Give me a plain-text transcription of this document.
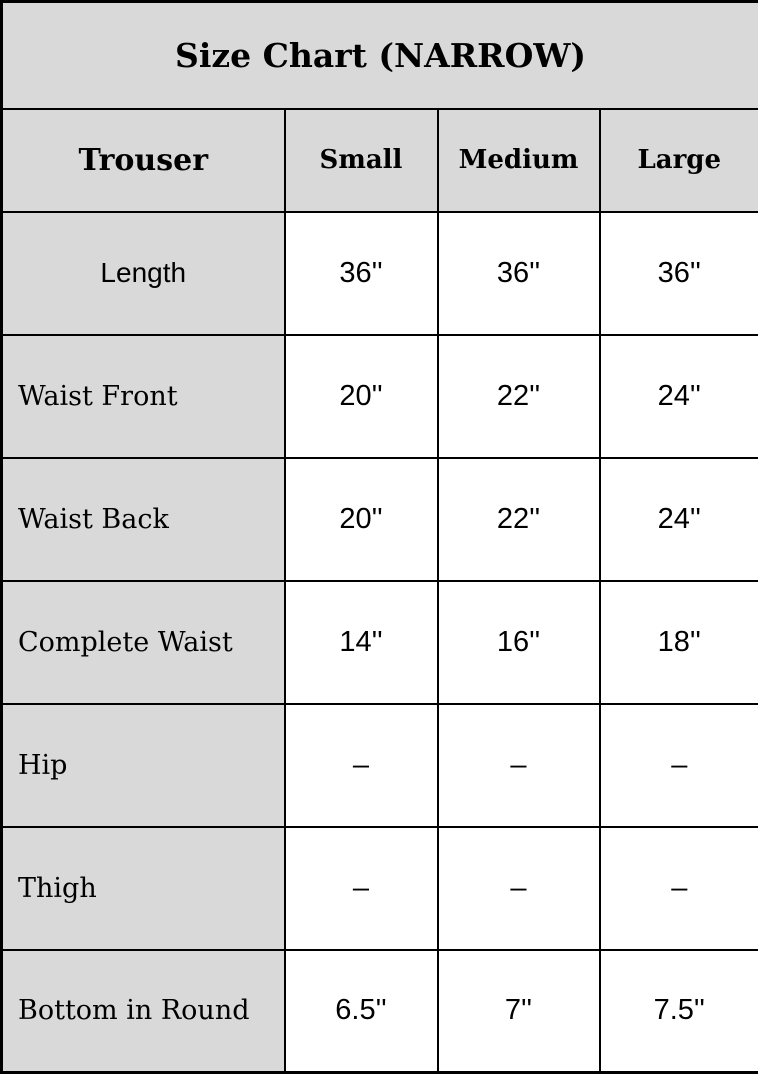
Size Chart (NARROW)			
Trouser	Small	Medium	Large
Length	36''	36''	36''
Waist Front	20''	22''	24''
Waist Back	20''	22''	24''
Complete Waist	14''	16''	18''
Hip	–	–	–
Thigh	–	–	–
Bottom in Round	6.5''	7''	7.5''
